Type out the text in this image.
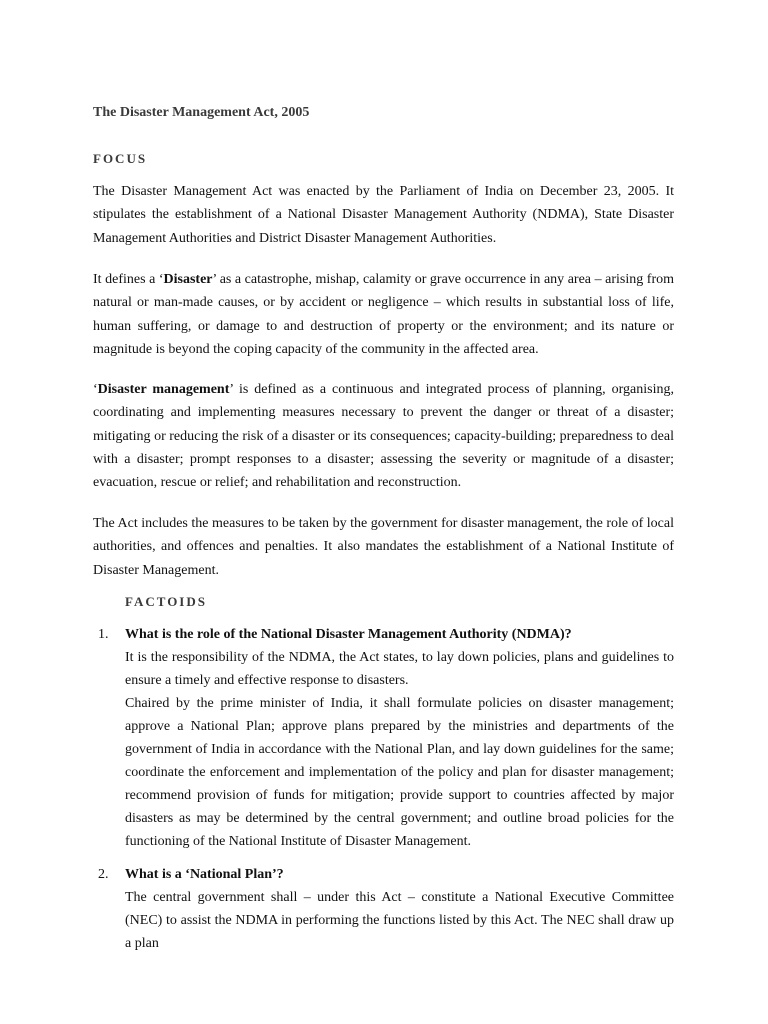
The Disaster Management Act, 2005

FOCUS

The Disaster Management Act was enacted by the Parliament of India on December 23, 2005. It stipulates the establishment of a National Disaster Management Authority (NDMA), State Disaster Management Authorities and District Disaster Management Authorities.

It defines a ‘Disaster’ as a catastrophe, mishap, calamity or grave occurrence in any area – arising from natural or man-made causes, or by accident or negligence – which results in substantial loss of life, human suffering, or damage to and destruction of property or the environment; and its nature or magnitude is beyond the coping capacity of the community in the affected area.

‘Disaster management’ is defined as a continuous and integrated process of planning, organising, coordinating and implementing measures necessary to prevent the danger or threat of a disaster; mitigating or reducing the risk of a disaster or its consequences; capacity-building; preparedness to deal with a disaster; prompt responses to a disaster; assessing the severity or magnitude of a disaster; evacuation, rescue or relief; and rehabilitation and reconstruction.

The Act includes the measures to be taken by the government for disaster management, the role of local authorities, and offences and penalties. It also mandates the establishment of a National Institute of Disaster Management.

FACTOIDS

1. What is the role of the National Disaster Management Authority (NDMA)?

It is the responsibility of the NDMA, the Act states, to lay down policies, plans and guidelines to ensure a timely and effective response to disasters.

Chaired by the prime minister of India, it shall formulate policies on disaster management; approve a National Plan; approve plans prepared by the ministries and departments of the government of India in accordance with the National Plan, and lay down guidelines for the same; coordinate the enforcement and implementation of the policy and plan for disaster management; recommend provision of funds for mitigation; provide support to countries affected by major disasters as may be determined by the central government; and outline broad policies for the functioning of the National Institute of Disaster Management.

2. What is a ‘National Plan’?

The central government shall – under this Act – constitute a National Executive Committee (NEC) to assist the NDMA in performing the functions listed by this Act. The NEC shall draw up a plan
